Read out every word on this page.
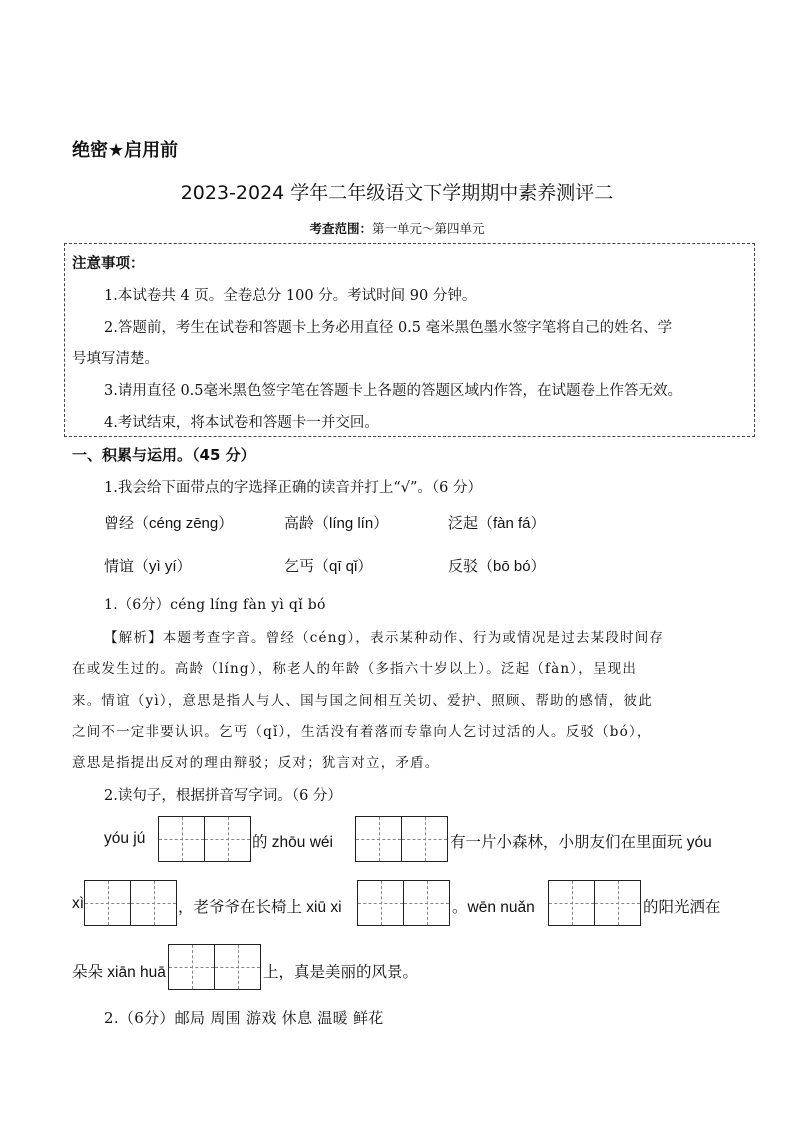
绝密★启用前
2023-2024 学年二年级语文下学期期中素养测评二
考查范围：第一单元～第四单元
注意事项：
1.本试卷共 4 页。全卷总分 100 分。考试时间 90 分钟。
2.答题前，考生在试卷和答题卡上务必用直径 0.5 毫米黑色墨水签字笔将自己的姓名、学
号填写清楚。
3.请用直径 0.5毫米黑色签字笔在答题卡上各题的答题区域内作答，在试题卷上作答无效。
4.考试结束，将本试卷和答题卡一并交回。
一、积累与运用。（45 分）
1.我会给下面带点的字选择正确的读音并打上“√”。（6 分）
曾经（céng zēng）	高龄（líng lín）	泛起（fàn fá）
情谊（yì yí）	乞丐（qī qǐ）	反驳（bō bó）
1.（6分）céng líng fàn yì qǐ bó
【解析】本题考查字音。曾经（céng），表示某种动作、行为或情况是过去某段时间存
在或发生过的。高龄（líng），称老人的年龄（多指六十岁以上）。泛起（fàn），呈现出
来。情谊（yì），意思是指人与人、国与国之间相互关切、爱护、照顾、帮助的感情，彼此
之间不一定非要认识。乞丐（qǐ），生活没有着落而专靠向人乞讨过活的人。反驳（bó），
意思是指提出反对的理由辩驳；反对；犹言对立，矛盾。
2.读句子，根据拼音写字词。（6 分）
yóu jú	的 zhōu wéi	有一片小森林，小朋友们在里面玩 yóu
xì	，老爷爷在长椅上 xiū xi	。wēn nuǎn	的阳光洒在
朵朵 xiān huā	上，真是美丽的风景。
2.（6分）邮局 周围 游戏 休息 温暖 鲜花
